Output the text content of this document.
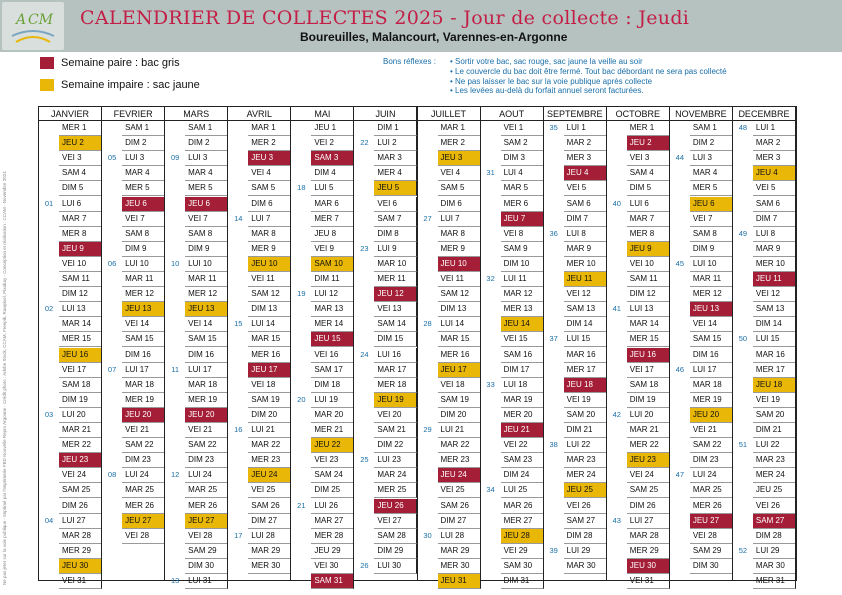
A CM CALENDRIER DE COLLECTES 2025 - Jour de collecte : Jeudi
Boureuilles, Malancourt, Varennes-en-Argonne
Semaine paire : bac gris
Semaine impaire : sac jaune
Bons réflexes :
•	Sortir votre bac, sac rouge, sac jaune la veille au soir
• Le couvercle du bac doit être fermé. Tout bac débordant ne sera pas collecté
• Ne pas laisser le bac sur la voie publique après collecte
• Les levées au-delà du forfait annuel seront facturées.
Ne pas jeter sur la voie publique - Imprimé par l'Imprimerie FBD Nouvelle Repro Argonne - Crédit photo : Adobe Stock, CCAM, Freepik, Rawpixel, Pixabay - Conception et réalisation : CCAM - Novembre 2024
JANVIER
MER 1
JEU 2
VEI 3
SAM 4
DIM 5
01	LUI 6
MAR 7
MER 8
JEU 9
VEI 10
SAM 11
DIM 12
02	LUI 13
MAR 14
MER 15
JEU 16
VEI 17
SAM 18
DIM 19
03	LUI 20
MAR 21
MER 22
JEU 23
VEI 24
SAM 25
DIM 26
04	LUI 27
MAR 28
MER 29
JEU 30
VEI 31
FEVRIER
SAM 1
DIM 2
05	LUI 3
MAR 4
MER 5
JEU 6
VEI 7
SAM 8
DIM 9
06	LUI 10
MAR 11
MER 12
JEU 13
VEI 14
SAM 15
DIM 16
07	LUI 17
MAR 18
MER 19
JEU 20
VEI 21
SAM 22
DIM 23
08	LUI 24
MAR 25
MER 26
JEU 27
VEI 28
MARS
SAM 1
DIM 2
09	LUI 3
MAR 4
MER 5
JEU 6
VEI 7
SAM 8
DIM 9
10	LUI 10
MAR 11
MER 12
JEU 13
VEI 14
SAM 15
DIM 16
11	LUI 17
MAR 18
MER 19
JEU 20
VEI 21
SAM 22
DIM 23
12	LUI 24
MAR 25
MER 26
JEU 27
VEI 28
SAM 29
DIM 30
13	LUI 31
AVRIL
MAR 1
MER 2
JEU 3
VEI 4
SAM 5
DIM 6
14	LUI 7
MAR 8
MER 9
JEU 10
VEI 11
SAM 12
DIM 13
15	LUI 14
MAR 15
MER 16
JEU 17
VEI 18
SAM 19
DIM 20
16	LUI 21
MAR 22
MER 23
JEU 24
VEI 25
SAM 26
DIM 27
17	LUI 28
MAR 29
MER 30
MAI
JEU 1
VEI 2
SAM 3
DIM 4
18	LUI 5
MAR 6
MER 7
JEU 8
VEI 9
SAM 10
DIM 11
19	LUI 12
MAR 13
MER 14
JEU 15
VEI 16
SAM 17
DIM 18
20	LUI 19
MAR 20
MER 21
JEU 22
VEI 23
SAM 24
DIM 25
21	LUI 26
MAR 27
MER 28
JEU 29
VEI 30
SAM 31
JUIN
DIM 1
22	LUI 2
MAR 3
MER 4
JEU 5
VEI 6
SAM 7
DIM 8
23	LUI 9
MAR 10
MER 11
JEU 12
VEI 13
SAM 14
DIM 15
24	LUI 16
MAR 17
MER 18
JEU 19
VEI 20
SAM 21
DIM 22
25	LUI 23
MAR 24
MER 25
JEU 26
VEI 27
SAM 28
DIM 29
26	LUI 30
JUILLET
MAR 1
MER 2
JEU 3
VEI 4
SAM 5
DIM 6
27	LUI 7
MAR 8
MER 9
JEU 10
VEI 11
SAM 12
DIM 13
28	LUI 14
MAR 15
MER 16
JEU 17
VEI 18
SAM 19
DIM 20
29	LUI 21
MAR 22
MER 23
JEU 24
VEI 25
SAM 26
DIM 27
30	LUI 28
MAR 29
MER 30
JEU 31
AOUT
VEI 1
SAM 2
DIM 3
31	LUI 4
MAR 5
MER 6
JEU 7
VEI 8
SAM 9
DIM 10
32	LUI 11
MAR 12
MER 13
JEU 14
VEI 15
SAM 16
DIM 17
33	LUI 18
MAR 19
MER 20
JEU 21
VEI 22
SAM 23
DIM 24
34	LUI 25
MAR 26
MER 27
JEU 28
VEI 29
SAM 30
DIM 31
SEPTEMBRE
35	LUI 1
MAR 2
MER 3
JEU 4
VEI 5
SAM 6
DIM 7
36	LUI 8
MAR 9
MER 10
JEU 11
VEI 12
SAM 13
DIM 14
37	LUI 15
MAR 16
MER 17
JEU 18
VEI 19
SAM 20
DIM 21
38	LUI 22
MAR 23
MER 24
JEU 25
VEI 26
SAM 27
DIM 28
39	LUI 29
MAR 30
OCTOBRE
MER 1
JEU 2
VEI 3
SAM 4
DIM 5
40	LUI 6
MAR 7
MER 8
JEU 9
VEI 10
SAM 11
DIM 12
41	LUI 13
MAR 14
MER 15
JEU 16
VEI 17
SAM 18
DIM 19
42	LUI 20
MAR 21
MER 22
JEU 23
VEI 24
SAM 25
DIM 26
43	LUI 27
MAR 28
MER 29
JEU 30
VEI 31
NOVEMBRE
SAM 1
DIM 2
44	LUI 3
MAR 4
MER 5
JEU 6
VEI 7
SAM 8
DIM 9
45	LUI 10
MAR 11
MER 12
JEU 13
VEI 14
SAM 15
DIM 16
46	LUI 17
MAR 18
MER 19
JEU 20
VEI 21
SAM 22
DIM 23
47	LUI 24
MAR 25
MER 26
JEU 27
VEI 28
SAM 29
DIM 30
DECEMBRE
48	LUI 1
MAR 2
MER 3
JEU 4
VEI 5
SAM 6
DIM 7
49	LUI 8
MAR 9
MER 10
JEU 11
VEI 12
SAM 13
DIM 14
50	LUI 15
MAR 16
MER 17
JEU 18
VEI 19
SAM 20
DIM 21
51	LUI 22
MAR 23
MER 24
JEU 25
VEI 26
SAM 27
DIM 28
52	LUI 29
MAR 30
MER 31
